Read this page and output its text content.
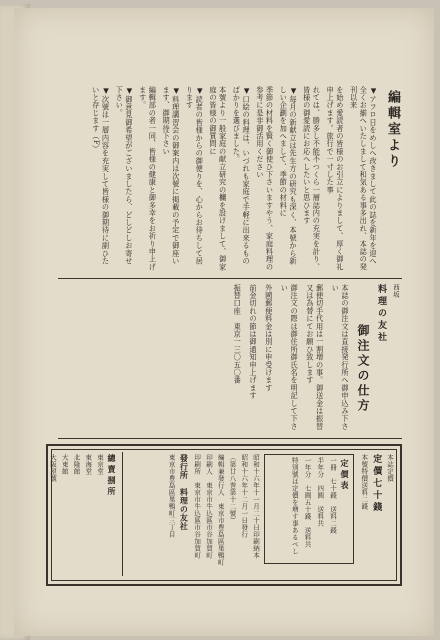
編輯室より
▼アフロ日をめしへ改きまして此の誌を新年を迎へ全くお揃へいたしまして和気ある事多出れ、本誌の発刊以来
を始め愛読者の皆様のお引立によりまして、厚く御礼申上げます。旅行で一寸した事
れては、勝多し不能不つくら一層誌内の充実を計り、皆様の御愛読にお応へしたいと思ひます
▼毎月の新献立は先生方の研究も深く、本號から新しい企劃を加へまして、季節の材料に
季節の材料を賢く御使ひ下さいますやう、家庭料理の参考に是非御活用ください
▼口絵の料理は、いづれも家庭で手軽に出来るものばかりを選びました。
本號より一般家庭の献立研究の欄を設けまして、御家庭の皆様の御質問に
▼読者の皆様からの御便りを、心からお待ちして居ります
▼料理講習会の御案内は次號に掲載の予定で御座います、御期待下さい
編輯部の者一同、皆様の健康と御多幸をお祈り申上げます。
▼御意見御希望がございましたら、どしどしお寄せ下さい。
▼次號は一層内容を充実して皆様の御期待に副ひたいと存じます（F）
西坂
料理の友社
御注文の仕方
本誌の御注文は直接発行所へ御申込み下さい
郵便切手代用は一割増の事。御送金は振替又は為替にてお願ひ致します
御注文の際は御住所御氏名を明記して下さい
外國郵便料金は別に申受けます
前金切れの節は御通知申上げます
振替口座　東京一三〇五〇番
本誌定價
定價七十錢
本號特價送料二錢
定價表
一冊　七十錢　送料二錢
半年分　四圓　送料共
一年分　七圓五十錢　送料共
特別號は定價を増す事あるべし
昭和十六年十一月二十日印刷納本
昭和十六年十二月一日發行
（第廿八巻第十二號）
編輯兼發行人　東京市豊島區巣鴨町
印刷人　東京市牛込區市谷加賀町
印刷所　東京市牛込區市谷加賀町
發行所　料理の友社
東京市豊島區巣鴨町三丁目
總賣捌所
東京堂
東海堂
北隆館
大東館
大阪屋號
